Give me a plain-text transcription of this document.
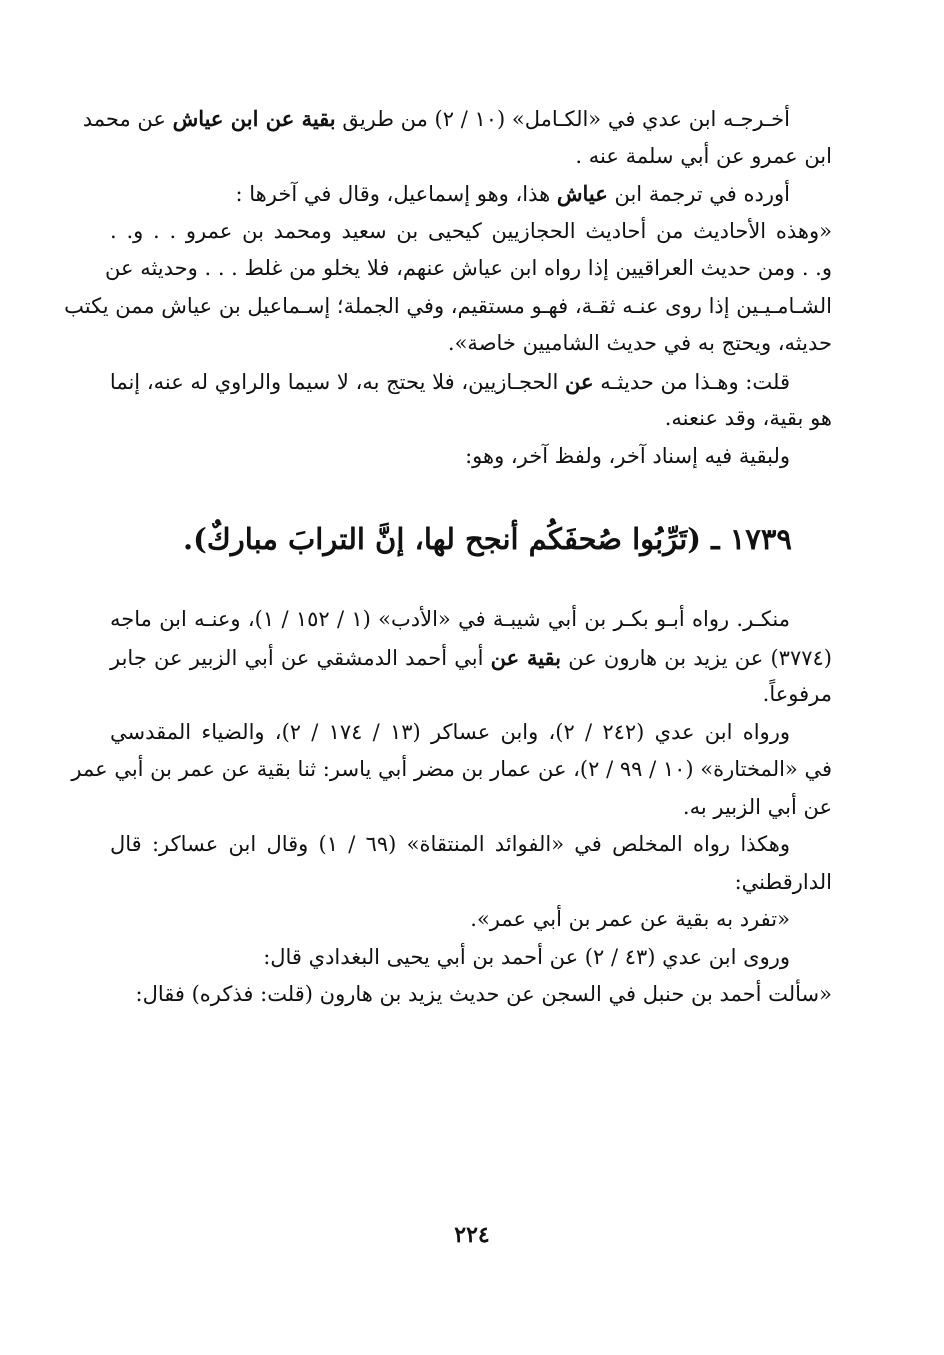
أخـرجـه ابن عدي في «الكـامل» (١٠ / ٢) من طريق بقية عن ابن عياش عن محمد
ابن عمرو عن أبي سلمة عنه .
أورده في ترجمة ابن عياش هذا، وهو إسماعيل، وقال في آخرها :
«وهذه الأحاديث من أحاديث الحجازيين كيحيى بن سعيد ومحمد بن عمرو . . و. .
و. . ومن حديث العراقيين إذا رواه ابن عياش عنهم، فلا يخلو من غلط . . . وحديثه عن
الشـامـيـين إذا روى عنـه ثقـة، فهـو مستقيم، وفي الجملة؛ إسـماعيل بن عياش ممن يكتب
حديثه، ويحتج به في حديث الشاميين خاصة».
قلت: وهـذا من حديثـه عن الحجـازيين، فلا يحتج به، لا سيما والراوي له عنه، إنما
هو بقية، وقد عنعنه.
ولبقية فيه إسناد آخر، ولفظ آخر، وهو:
١٧٣٩ ـ (تَرِّبُوا صُحفَكُم أنجح لها، إنَّ الترابَ مباركٌ).
منكـر. رواه أبـو بكـر بن أبي شيبـة في «الأدب» (١ / ١٥٢ / ١)، وعنـه ابن ماجه
(٣٧٧٤) عن يزيد بن هارون عن بقية عن أبي أحمد الدمشقي عن أبي الزبير عن جابر
مرفوعاً.
ورواه ابن عدي (٢٤٢ / ٢)، وابن عساكر (١٣ / ١٧٤ / ٢)، والضياء المقدسي
في «المختارة» (١٠ / ٩٩ / ٢)، عن عمار بن مضر أبي ياسر: ثنا بقية عن عمر بن أبي عمر
عن أبي الزبير به.
وهكذا رواه المخلص في «الفوائد المنتقاة» (٦٩ / ١) وقال ابن عساكر: قال
الدارقطني:
«تفرد به بقية عن عمر بن أبي عمر».
وروى ابن عدي (٤٣ / ٢) عن أحمد بن أبي يحيى البغدادي قال:
«سألت أحمد بن حنبل في السجن عن حديث يزيد بن هارون (قلت: فذكره) فقال:
٢٢٤
